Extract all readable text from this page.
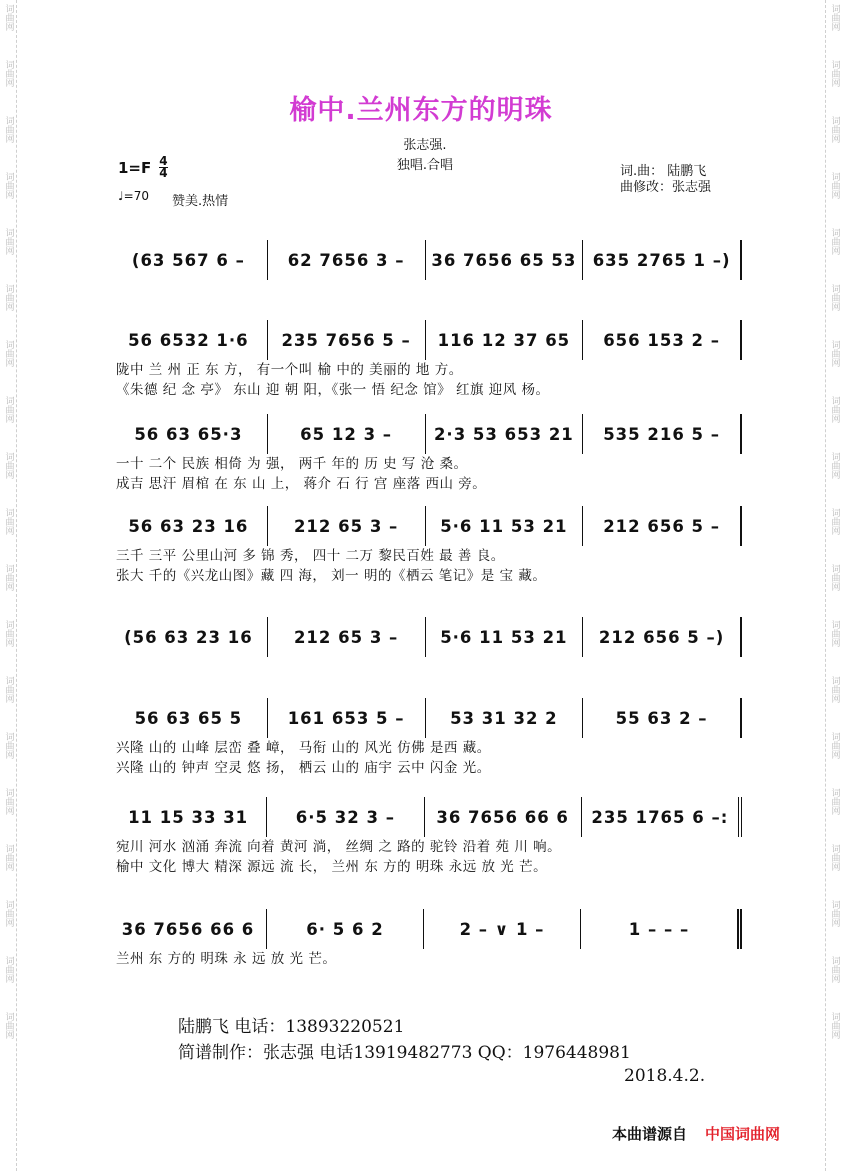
词曲网
词曲网
词曲网
词曲网
词曲网
词曲网
词曲网
词曲网
词曲网
词曲网
词曲网
词曲网
词曲网
词曲网
词曲网
词曲网
词曲网
词曲网
词曲网
词曲网
词曲网
词曲网
词曲网
词曲网
词曲网
词曲网
词曲网
词曲网
词曲网
词曲网
词曲网
词曲网
词曲网
词曲网
词曲网
词曲网
词曲网
词曲网
榆中.兰州东方的明珠
张志强.
独唱.合唱
1=F 4
4
♩=70 赞美.热情
词.曲： 陆鹏飞
曲修改：张志强
(63 567 6 –	62 7656 3 –	36 7656 65 53 635 2765 1 –)
56 6532 1·6	235 7656 5 –	116 12 37 65	656 153 2 –
陇中 兰 州 正 东 方， 有一个叫 榆 中的 美丽的 地 方。
《朱德 纪 念 亭》 东山 迎 朝 阳，《张一 悟 纪念 馆》 红旗 迎风 杨。
56 63 65·3	65 12 3 –	2·3 53 653 21	535 216 5 –
一十 二个 民族 相倚 为 强， 两千 年的 历 史 写 沧 桑。
成吉 思汗 眉棺 在 东 山 上， 蒋介 石 行 宫 座落 西山 旁。
56 63 23 16	212 65 3 –	5·6 11 53 21	212 656 5 –
三千 三平 公里山河 多 锦 秀， 四十 二万 黎民百姓 最 善 良。
张大 千的《兴龙山图》藏 四 海， 刘一 明的《栖云 笔记》是 宝 藏。
(56 63 23 16	212 65 3 –	5·6 11 53 21	212 656 5 –)
56 63 65 5	161 653 5 –	53 31 32 2	55 63 2 –
兴隆 山的 山峰 层峦 叠 嶂， 马衔 山的 风光 仿佛 是西 藏。
兴隆 山的 钟声 空灵 悠 扬， 栖云 山的 庙宇 云中 闪金 光。
11 15 33 31	6·5 32 3 –	36 7656 66 6	235 1765 6 –:
宛川 河水 汹涌 奔流 向着 黄河 淌， 丝绸 之 路的 驼铃 沿着 苑 川 响。
榆中 文化 博大 精深 源远 流 长， 兰州 东 方的 明珠 永远 放 光 芒。
36 7656 66 6	6· 5 6 2	2 – ∨ 1 –	1 – – –
兰州 东 方的 明珠 永 远 放 光 芒。
陆鹏飞 电话：13893220521
简谱制作：张志强 电话13919482773 QQ：1976448981
2018.4.2.
本曲谱源自 中国词曲网
